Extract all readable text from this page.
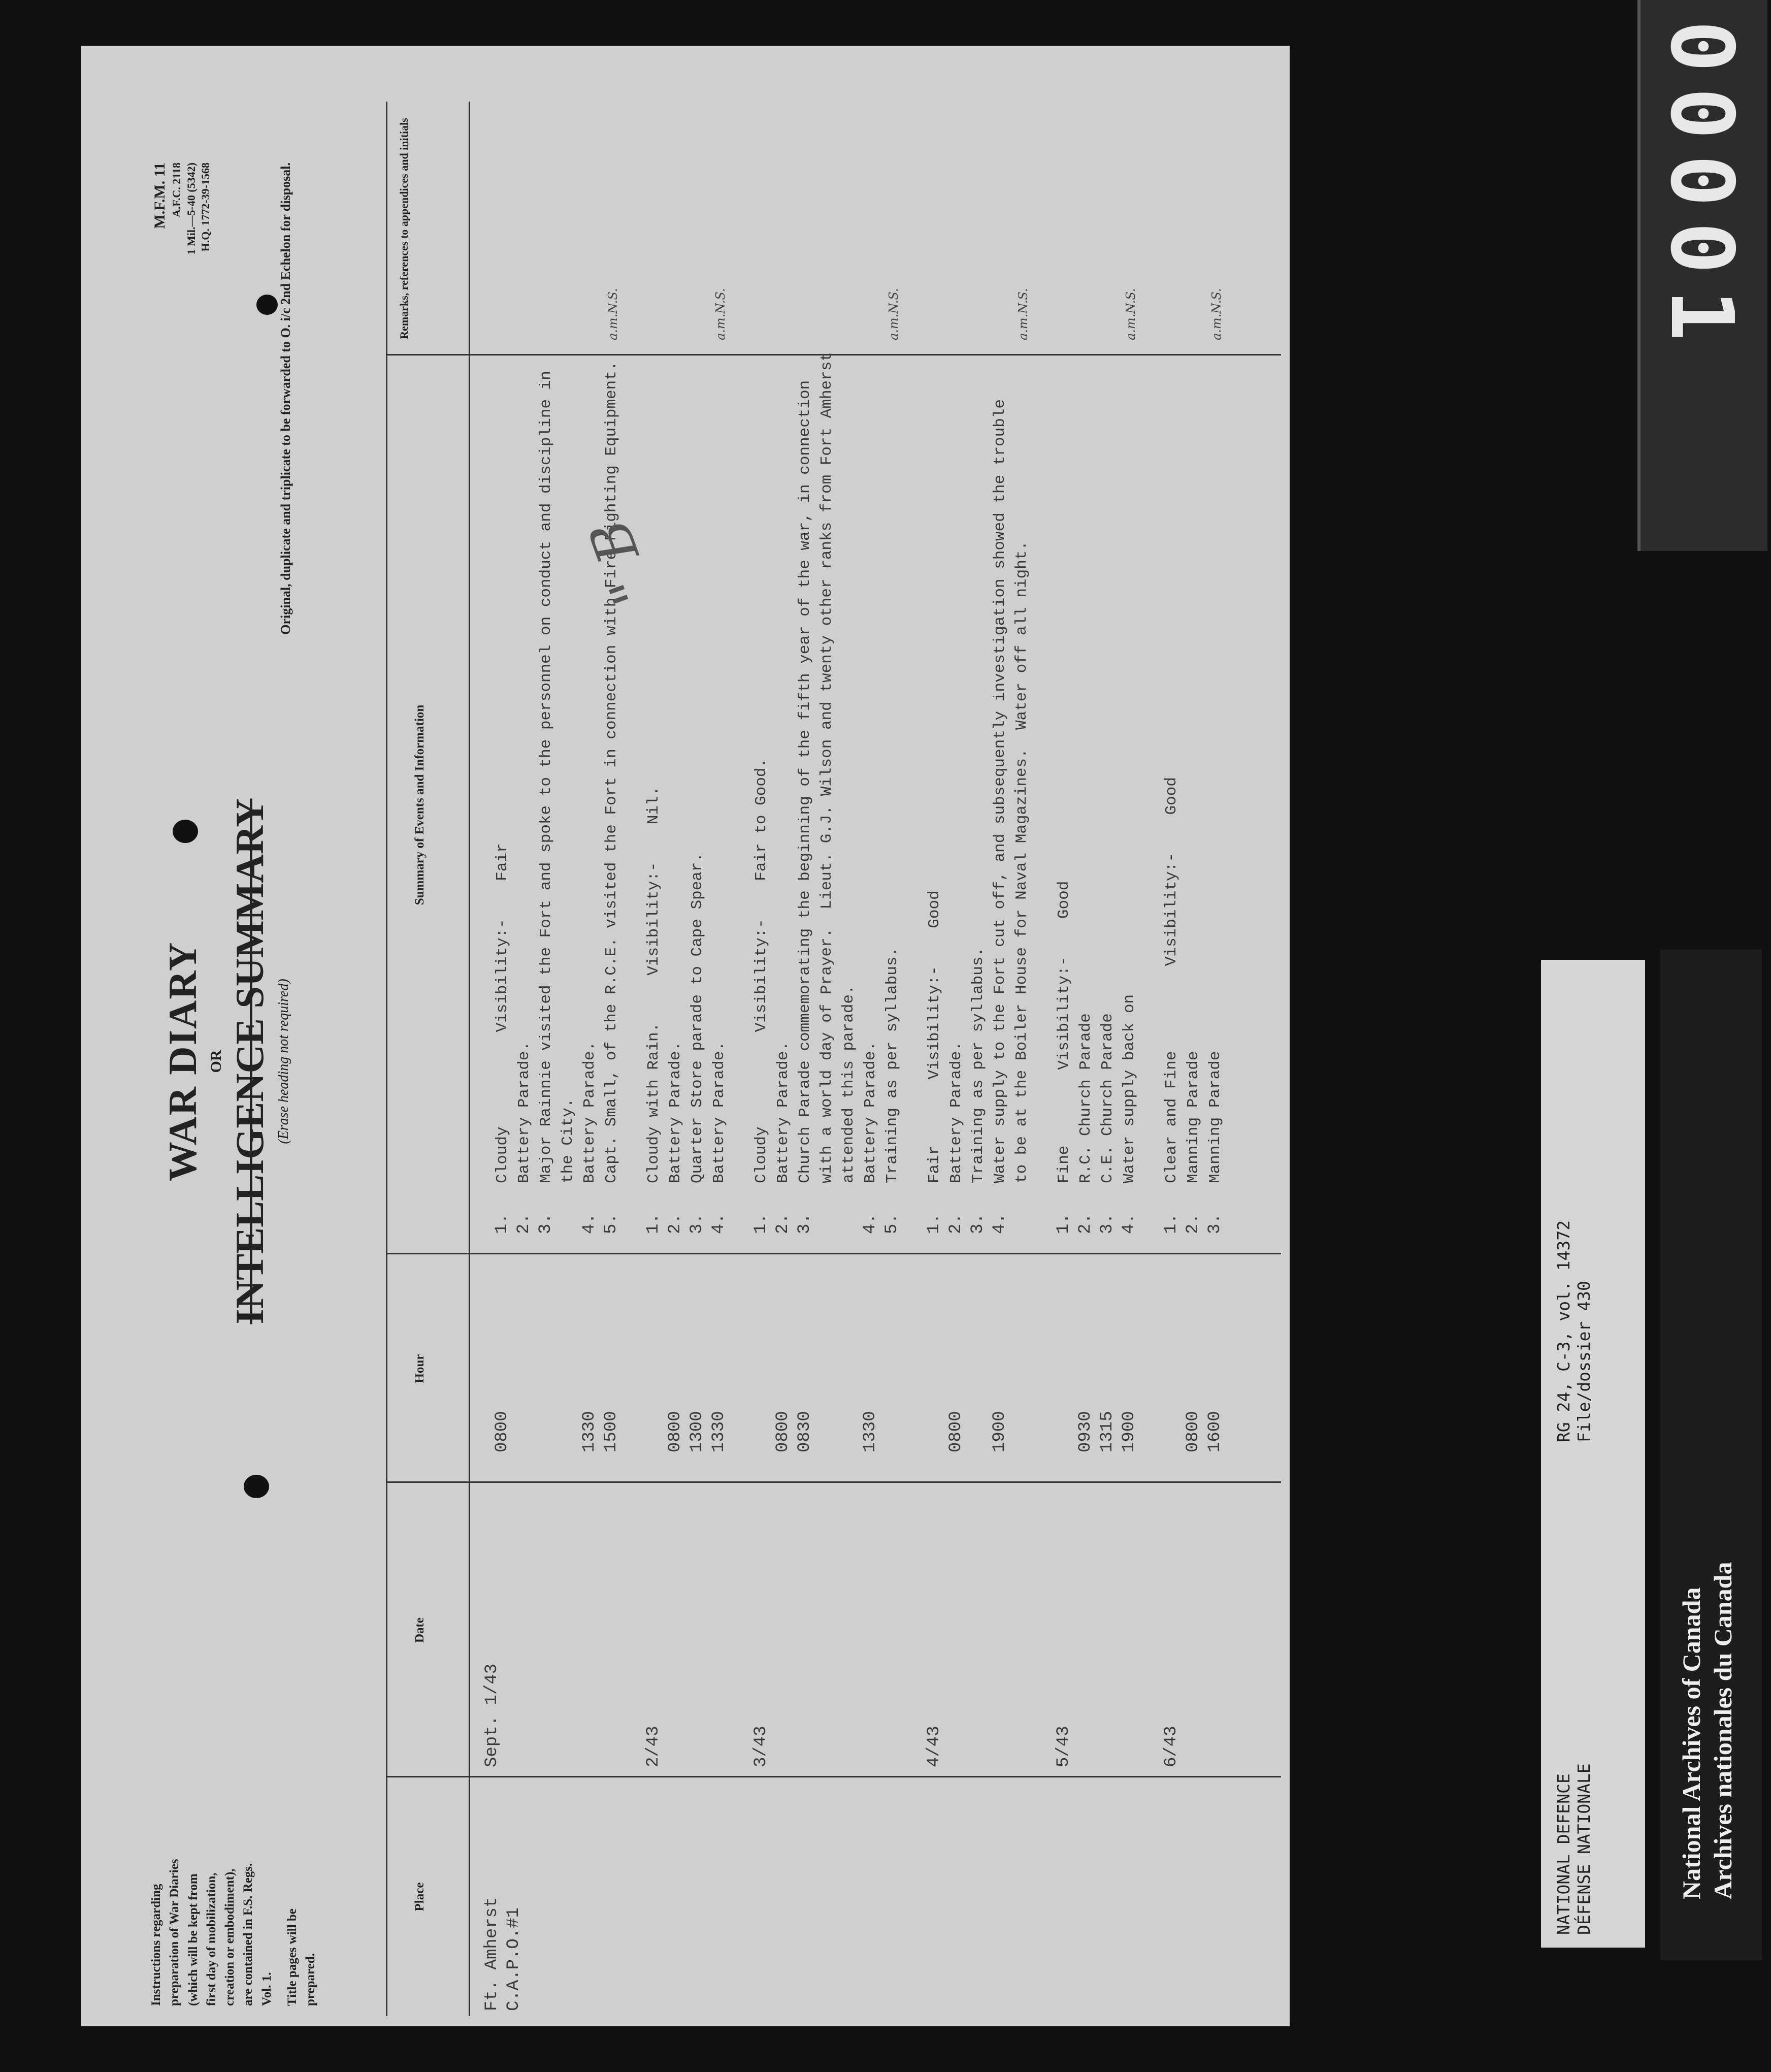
Instructions regarding preparation of War Diaries (which will be kept from first day of mobilization, creation or embodiment), are contained in F.S. Regs. Vol. 1. Title pages will be prepared.

WAR DIARY OR INTELLIGENCE SUMMARY (Erase heading not required)
M.F.M. 11 A.F.C. 2118 1 Mil.—5-40 (5342) H.Q. 1772-39-1568	Original, duplicate and triplicate to be forwarded to O. i/c 2nd Echelon for disposal.
Place
Date
Hour
Summary of Events and Information
Remarks, references to appendices and initials
Ft. Amherst C.A.P.O.#1
Sept. 1/43
a.m.N.S.
0800
1.
Cloudy          Visibility:-    Fair
2.
Battery Parade.
3.
Major Rainnie visited the Fort and spoke to the personnel on conduct and discipline in the City.
1330
4.
Battery Parade.
1500
5.
Capt. Small, of the R.C.E. visited the Fort in connection with Fire Fighting Equipment.
2/43
a.m.N.S.
1.
Cloudy with Rain.     Visibility:-    Nil.
0800
2.
Battery Parade.
1300
3.
Quarter Store parade to Cape Spear.
1330
4.
Battery Parade.
3/43
a.m.N.S.
1.
Cloudy          Visibility:-    Fair to Good.
0800
2.
Battery Parade.
0830
3.
Church Parade commemorating the beginning of the fifth year of the war, in connection with a world day of Prayer.  Lieut. G.J. Wilson and twenty other ranks from Fort Amherst attended this parade.
1330
4.
Battery Parade.
5.
Training as per syllabus.
4/43
a.m.N.S.
1.
Fair       Visibility:-    Good
0800
2.
Battery Parade.
3.
Training as per syllabus.
1900
4.
Water supply to the Fort cut off, and subsequently investigation showed the trouble to be at the Boiler House for Naval Magazines.  Water off all night.
5/43
a.m.N.S.
1.
Fine        Visibility:-    Good
0930
2.
R.C. Church Parade
1315
3.
C.E. Church Parade
1900
4.
Water supply back on
6/43
a.m.N.S.
1.
Clear and Fine         Visibility:-    Good
0800
2.
Manning Parade
1600
3.
Manning Parade
" B
00001
NATIONAL DEFENCE DÉFENSE NATIONALE
RG 24, C-3, vol. 14372 File/dossier 430
National Archives of Canada Archives nationales du Canada
